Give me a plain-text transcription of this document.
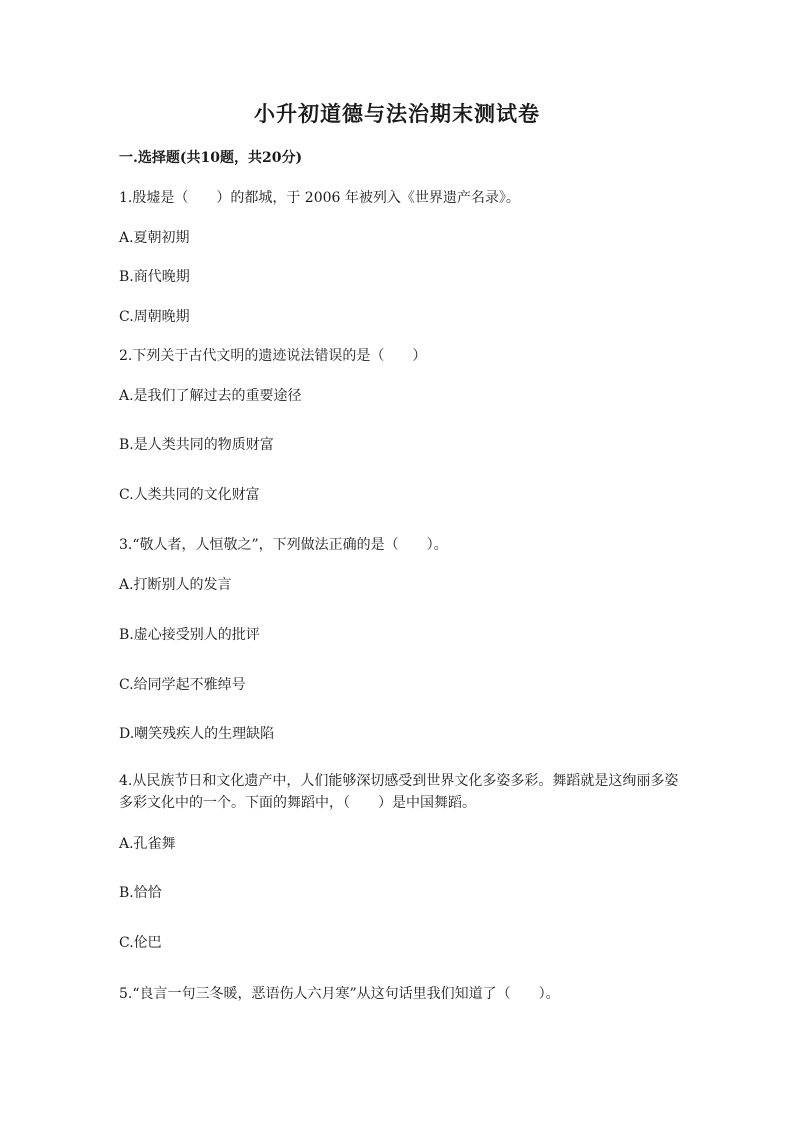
小升初道德与法治期末测试卷
一.选择题(共10题，共20分)
1.殷墟是（　　）的都城，于 2006 年被列入《世界遗产名录》。
A.夏朝初期
B.商代晚期
C.周朝晚期
2.下列关于古代文明的遗迹说法错误的是（　　）
A.是我们了解过去的重要途径
B.是人类共同的物质财富
C.人类共同的文化财富
3.“敬人者，人恒敬之”，下列做法正确的是（　　）。
A.打断别人的发言
B.虚心接受别人的批评
C.给同学起不雅绰号
D.嘲笑残疾人的生理缺陷
4.从民族节日和文化遗产中，人们能够深切感受到世界文化多姿多彩。舞蹈就是这绚丽多姿多彩文化中的一个。下面的舞蹈中，（　　）是中国舞蹈。
A.孔雀舞
B.恰恰
C.伦巴
5.“良言一句三冬暖，恶语伤人六月寒”从这句话里我们知道了（　　）。
